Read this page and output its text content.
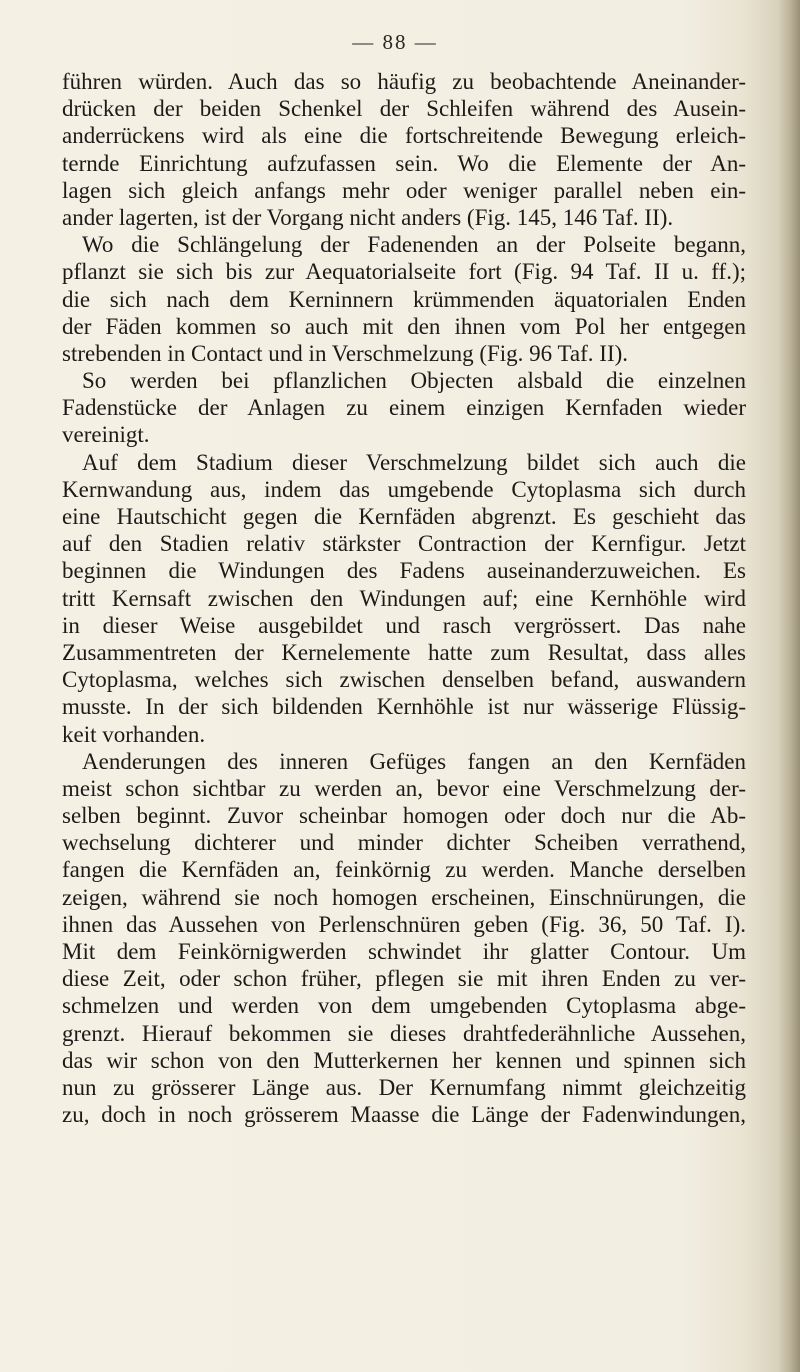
— 88 —
führen würden. Auch das so häufig zu beobachtende Aneinander-
drücken der beiden Schenkel der Schleifen während des Ausein-
anderrückens wird als eine die fortschreitende Bewegung erleich-
ternde Einrichtung aufzufassen sein. Wo die Elemente der An-
lagen sich gleich anfangs mehr oder weniger parallel neben ein-
ander lagerten, ist der Vorgang nicht anders (Fig. 145, 146 Taf. II).
Wo die Schlängelung der Fadenenden an der Polseite begann,
pflanzt sie sich bis zur Aequatorialseite fort (Fig. 94 Taf. II u. ff.);
die sich nach dem Kerninnern krümmenden äquatorialen Enden
der Fäden kommen so auch mit den ihnen vom Pol her entgegen
strebenden in Contact und in Verschmelzung (Fig. 96 Taf. II).
So werden bei pflanzlichen Objecten alsbald die einzelnen
Fadenstücke der Anlagen zu einem einzigen Kernfaden wieder
vereinigt.
Auf dem Stadium dieser Verschmelzung bildet sich auch die
Kernwandung aus, indem das umgebende Cytoplasma sich durch
eine Hautschicht gegen die Kernfäden abgrenzt. Es geschieht das
auf den Stadien relativ stärkster Contraction der Kernfigur. Jetzt
beginnen die Windungen des Fadens auseinanderzuweichen. Es
tritt Kernsaft zwischen den Windungen auf; eine Kernhöhle wird
in dieser Weise ausgebildet und rasch vergrössert. Das nahe
Zusammentreten der Kernelemente hatte zum Resultat, dass alles
Cytoplasma, welches sich zwischen denselben befand, auswandern
musste. In der sich bildenden Kernhöhle ist nur wässerige Flüssig-
keit vorhanden.
Aenderungen des inneren Gefüges fangen an den Kernfäden
meist schon sichtbar zu werden an, bevor eine Verschmelzung der-
selben beginnt. Zuvor scheinbar homogen oder doch nur die Ab-
wechselung dichterer und minder dichter Scheiben verrathend,
fangen die Kernfäden an, feinkörnig zu werden. Manche derselben
zeigen, während sie noch homogen erscheinen, Einschnürungen, die
ihnen das Aussehen von Perlenschnüren geben (Fig. 36, 50 Taf. I).
Mit dem Feinkörnigwerden schwindet ihr glatter Contour. Um
diese Zeit, oder schon früher, pflegen sie mit ihren Enden zu ver-
schmelzen und werden von dem umgebenden Cytoplasma abge-
grenzt. Hierauf bekommen sie dieses drahtfederähnliche Aussehen,
das wir schon von den Mutterkernen her kennen und spinnen sich
nun zu grösserer Länge aus. Der Kernumfang nimmt gleichzeitig
zu, doch in noch grösserem Maasse die Länge der Fadenwindungen,
